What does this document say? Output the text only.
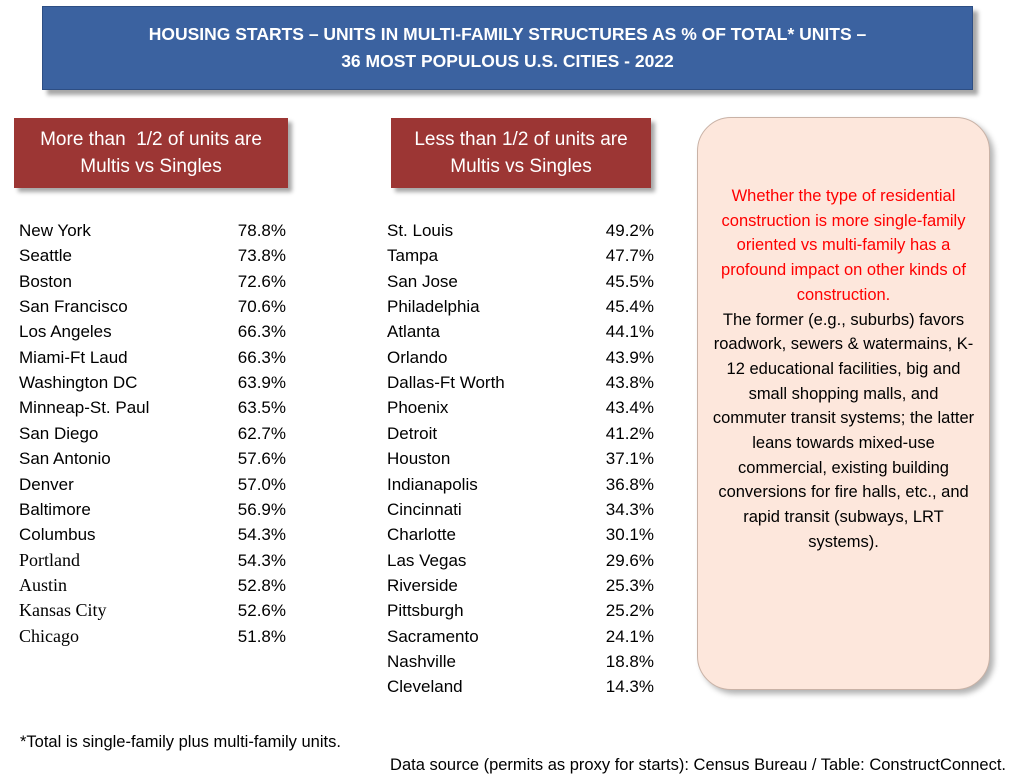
HOUSING STARTS – UNITS IN MULTI-FAMILY STRUCTURES AS % OF TOTAL* UNITS –
36 MOST POPULOUS U.S. CITIES - 2022
More than  1/2 of units are
Multis vs Singles
Less than 1/2 of units are
Multis vs Singles
New York	78.8%
Seattle	73.8%
Boston	72.6%
San Francisco	70.6%
Los Angeles	66.3%
Miami-Ft Laud	66.3%
Washington DC	63.9%
Minneap-St. Paul	63.5%
San Diego	62.7%
San Antonio	57.6%
Denver	57.0%
Baltimore	56.9%
Columbus	54.3%
Portland	54.3%
Austin	52.8%
Kansas City	52.6%
Chicago	51.8%
St. Louis	49.2%
Tampa	47.7%
San Jose	45.5%
Philadelphia	45.4%
Atlanta	44.1%
Orlando	43.9%
Dallas-Ft Worth	43.8%
Phoenix	43.4%
Detroit	41.2%
Houston	37.1%
Indianapolis	36.8%
Cincinnati	34.3%
Charlotte	30.1%
Las Vegas	29.6%
Riverside	25.3%
Pittsburgh	25.2%
Sacramento	24.1%
Nashville	18.8%
Cleveland	14.3%
Whether the type of residential construction is more single-family oriented vs multi-family has a profound impact on other kinds of construction.
The former (e.g., suburbs) favors roadwork, sewers & watermains, K-12 educational facilities, big and small shopping malls, and commuter transit systems; the latter leans towards mixed-use commercial, existing building conversions for fire halls, etc., and rapid transit (subways, LRT systems).
*Total is single-family plus multi-family units.
Data source (permits as proxy for starts): Census Bureau / Table: ConstructConnect.
